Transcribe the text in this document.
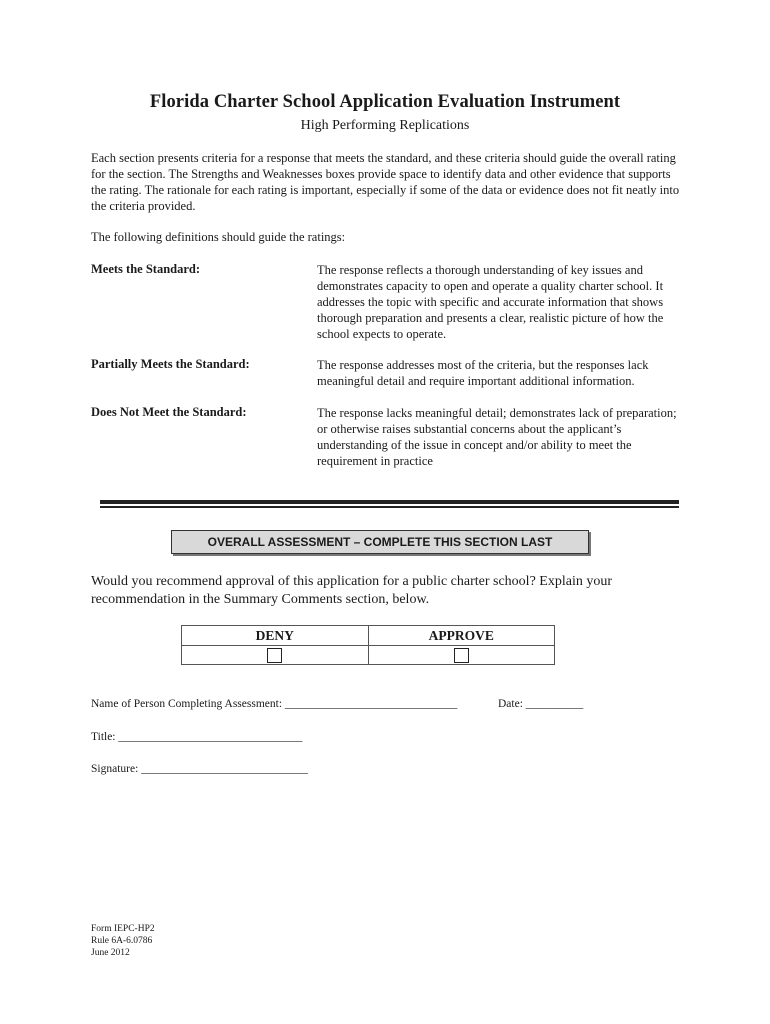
Florida Charter School Application Evaluation Instrument
High Performing Replications
Each section presents criteria for a response that meets the standard, and these criteria should guide the overall rating for the section. The Strengths and Weaknesses boxes provide space to identify data and other evidence that supports the rating. The rationale for each rating is important, especially if some of the data or evidence does not fit neatly into the criteria provided.
The following definitions should guide the ratings:
Meets the Standard:	The response reflects a thorough understanding of key issues and demonstrates capacity to open and operate a quality charter school. It addresses the topic with specific and accurate information that shows thorough preparation and presents a clear, realistic picture of how the school expects to operate.
Partially Meets the Standard:	The response addresses most of the criteria, but the responses lack meaningful detail and require important additional information.
Does Not Meet the Standard:	The response lacks meaningful detail; demonstrates lack of preparation; or otherwise raises substantial concerns about the applicant’s understanding of the issue in concept and/or ability to meet the requirement in practice
OVERALL ASSESSMENT – COMPLETE THIS SECTION LAST
Would you recommend approval of this application for a public charter school? Explain your recommendation in the Summary Comments section, below.
DENY	APPROVE

Name of Person Completing Assessment: ______________________________	Date: __________
Title: ________________________________
Signature: _____________________________
Form IEPC-HP2
Rule 6A-6.0786
June 2012
